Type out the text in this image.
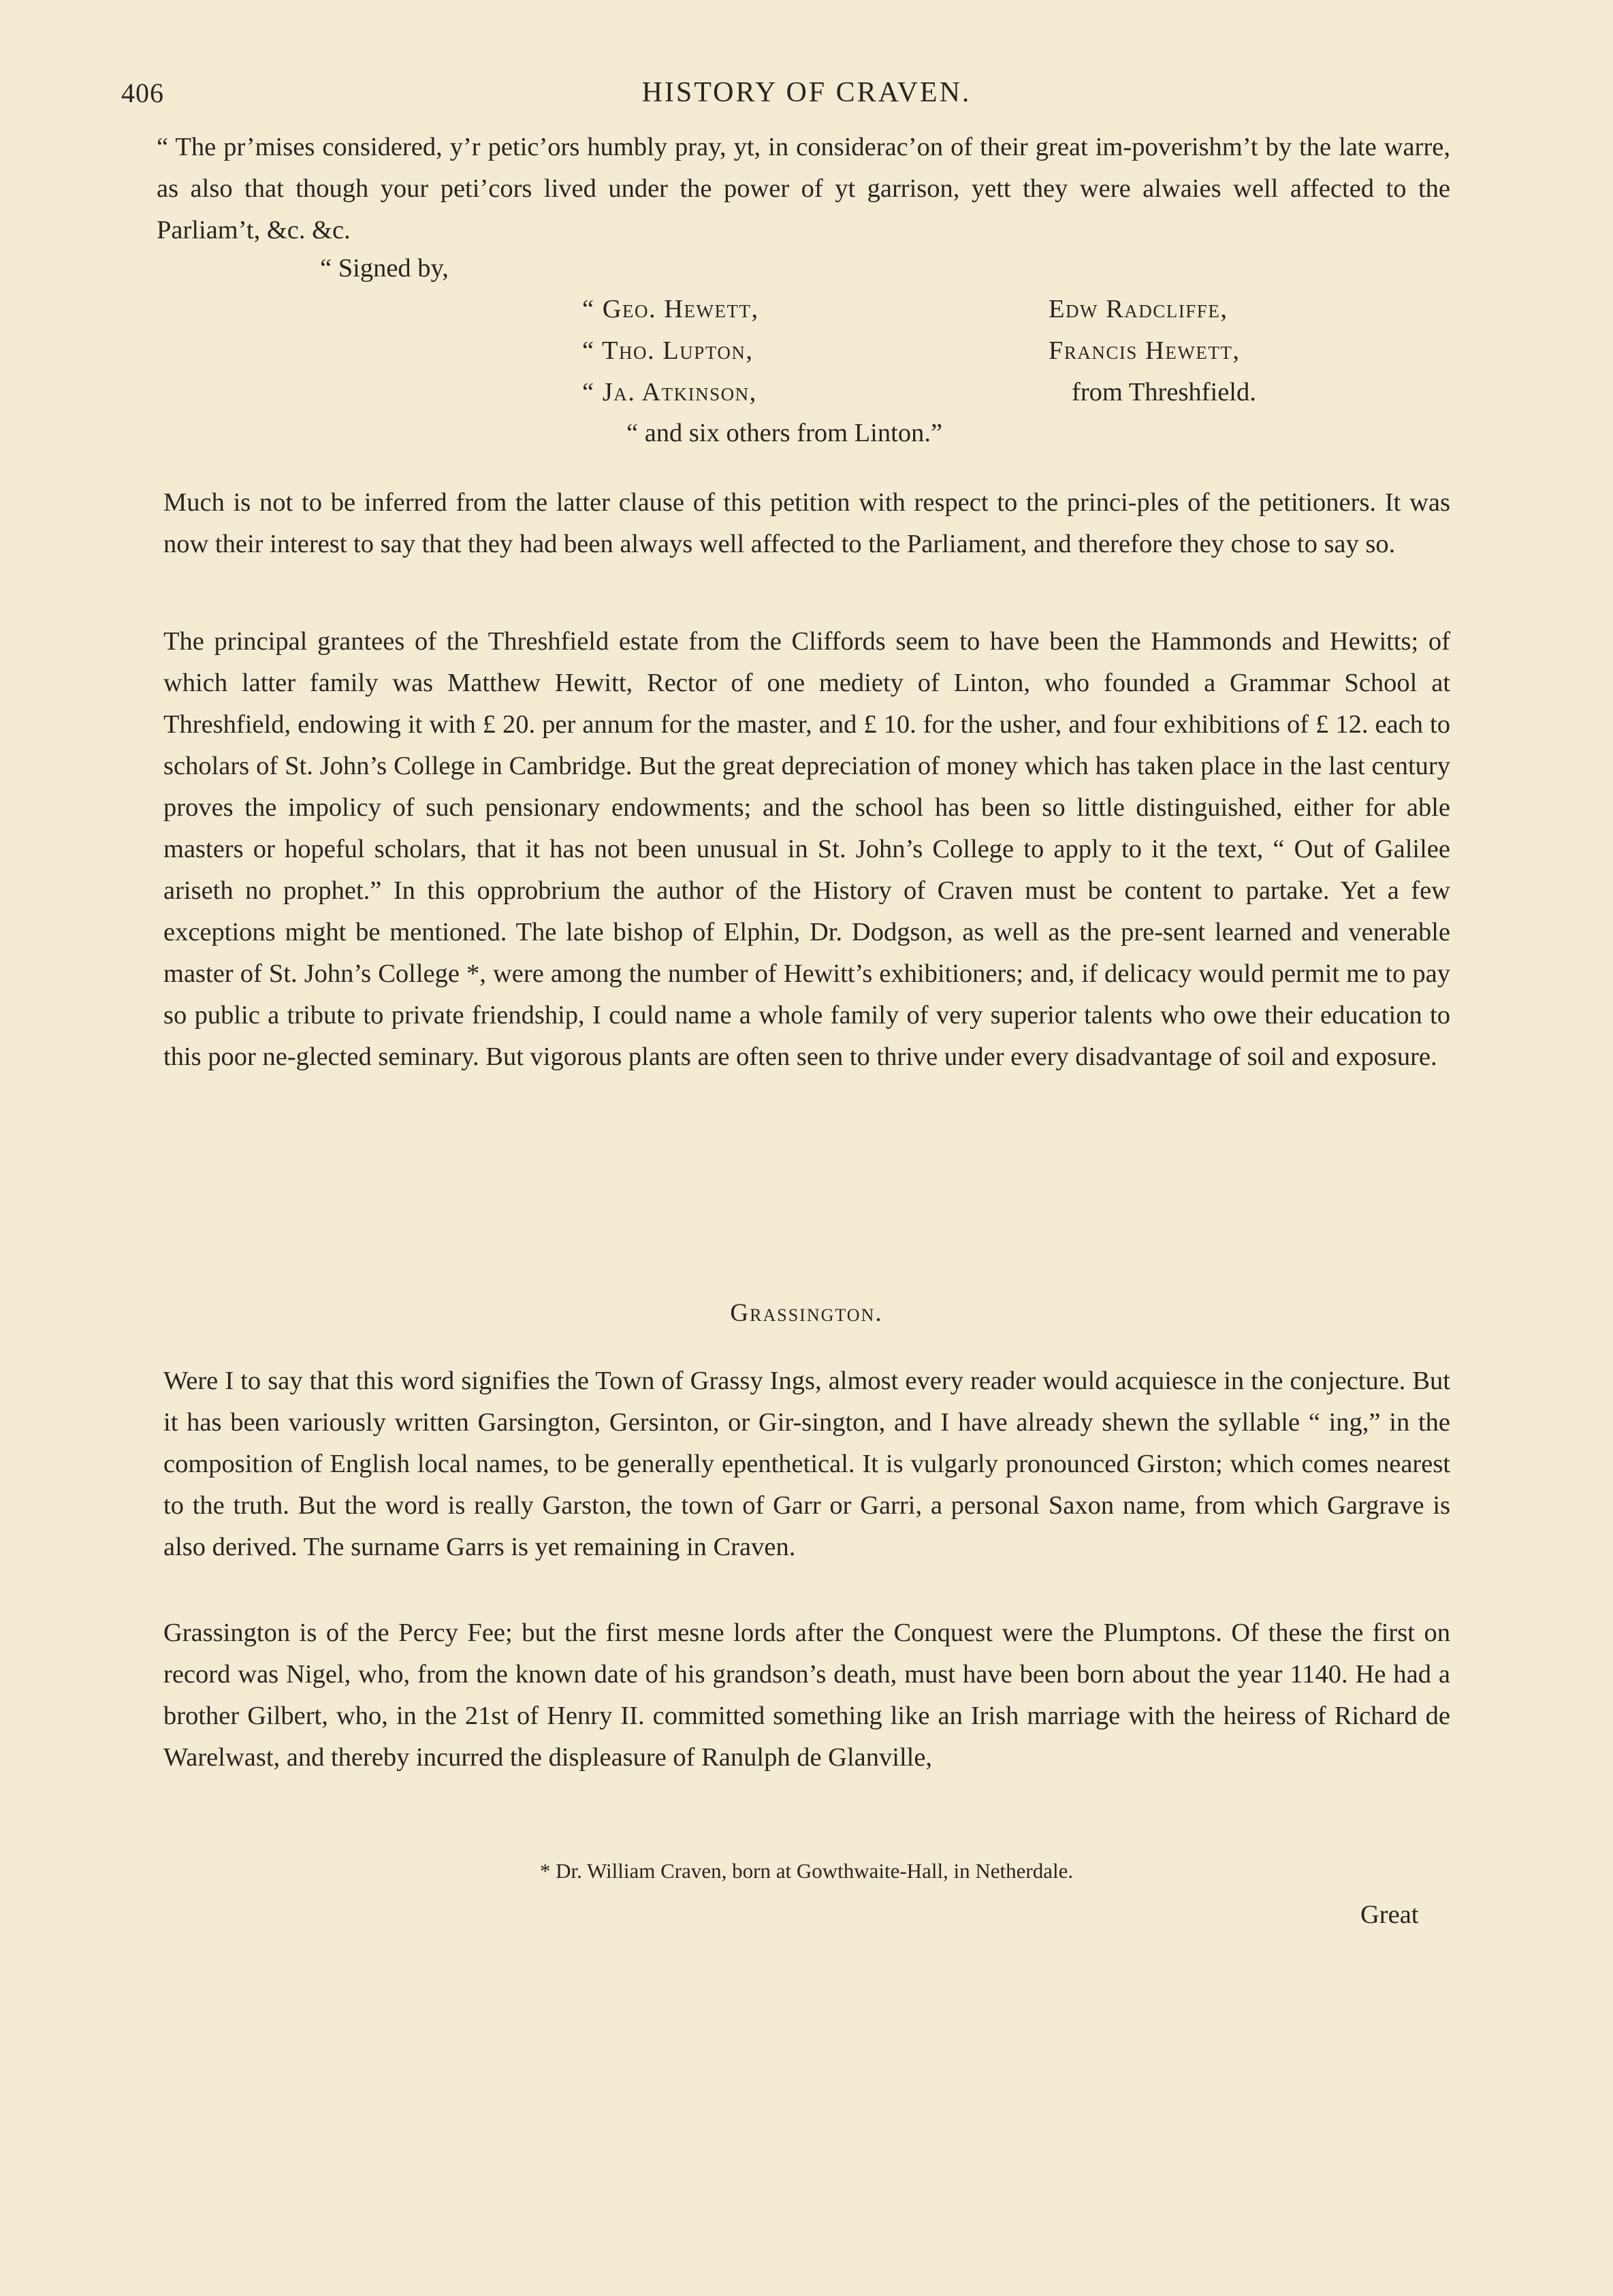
406	HISTORY OF CRAVEN.

“ The pr’mises considered, y’r petic’ors humbly pray, yt, in considerac’on of their great im-poverishm’t by the late warre, as also that though your peti’cors lived under the power of yt garrison, yett they were alwaies well affected to the Parliam’t, &c. &c.

“ Signed by,
“ Geo. Hewett,
“ Tho. Lupton,
“ Ja. Atkinson,
Edw Radcliffe,
Francis Hewett,
from Threshfield.
“ and six others from Linton.”

Much is not to be inferred from the latter clause of this petition with respect to the princi-ples of the petitioners. It was now their interest to say that they had been always well affected to the Parliament, and therefore they chose to say so.

The principal grantees of the Threshfield estate from the Cliffords seem to have been the Hammonds and Hewitts; of which latter family was Matthew Hewitt, Rector of one mediety of Linton, who founded a Grammar School at Threshfield, endowing it with £ 20. per annum for the master, and £ 10. for the usher, and four exhibitions of £ 12. each to scholars of St. John’s College in Cambridge. But the great depreciation of money which has taken place in the last century proves the impolicy of such pensionary endowments; and the school has been so little distinguished, either for able masters or hopeful scholars, that it has not been unusual in St. John’s College to apply to it the text, “ Out of Galilee ariseth no prophet.” In this opprobrium the author of the History of Craven must be content to partake. Yet a few exceptions might be mentioned. The late bishop of Elphin, Dr. Dodgson, as well as the pre-sent learned and venerable master of St. John’s College *, were among the number of Hewitt’s exhibitioners; and, if delicacy would permit me to pay so public a tribute to private friendship, I could name a whole family of very superior talents who owe their education to this poor ne-glected seminary. But vigorous plants are often seen to thrive under every disadvantage of soil and exposure.

Grassington.

Were I to say that this word signifies the Town of Grassy Ings, almost every reader would acquiesce in the conjecture. But it has been variously written Garsington, Gersinton, or Gir-sington, and I have already shewn the syllable “ ing,” in the composition of English local names, to be generally epenthetical. It is vulgarly pronounced Girston; which comes nearest to the truth. But the word is really Garston, the town of Garr or Garri, a personal Saxon name, from which Gargrave is also derived. The surname Garrs is yet remaining in Craven.

Grassington is of the Percy Fee; but the first mesne lords after the Conquest were the Plumptons. Of these the first on record was Nigel, who, from the known date of his grandson’s death, must have been born about the year 1140. He had a brother Gilbert, who, in the 21st of Henry II. committed something like an Irish marriage with the heiress of Richard de Warelwast, and thereby incurred the displeasure of Ranulph de Glanville,

* Dr. William Craven, born at Gowthwaite-Hall, in Netherdale.
Great
